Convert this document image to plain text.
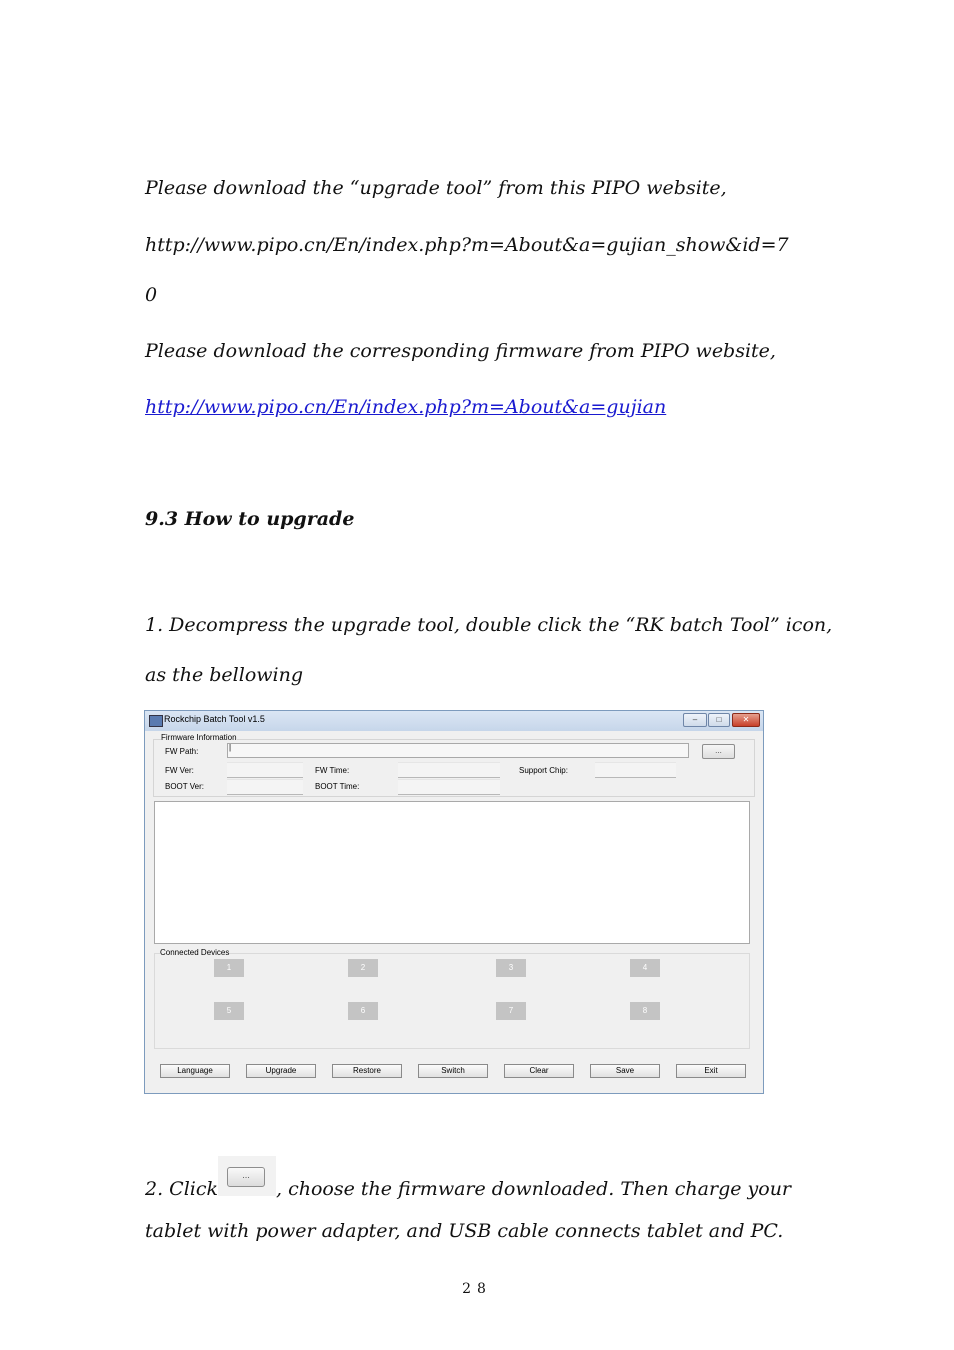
Please download the “upgrade tool” from this PIPO website,
http://www.pipo.cn/En/index.php?m=About&a=gujian_show&id=7
0
Please download the corresponding firmware from PIPO website,
http://www.pipo.cn/En/index.php?m=About&a=gujian
9.3 How to upgrade
1. Decompress the upgrade tool, double click the “RK batch Tool” icon,
as the bellowing
Rockchip Batch Tool v1.5	–	□	✕
Firmware Information
FW Path:	|	...
FW Ver:	FW Time:	Support Chip:
BOOT Ver:	BOOT Time:
Connected Devices
1	2	3	4
5	6	7	8
Language	Upgrade	Restore	Switch	Clear	Save	Exit
2. Click
...
, choose the firmware downloaded. Then charge your
tablet with power adapter, and USB cable connects tablet and PC.
28
